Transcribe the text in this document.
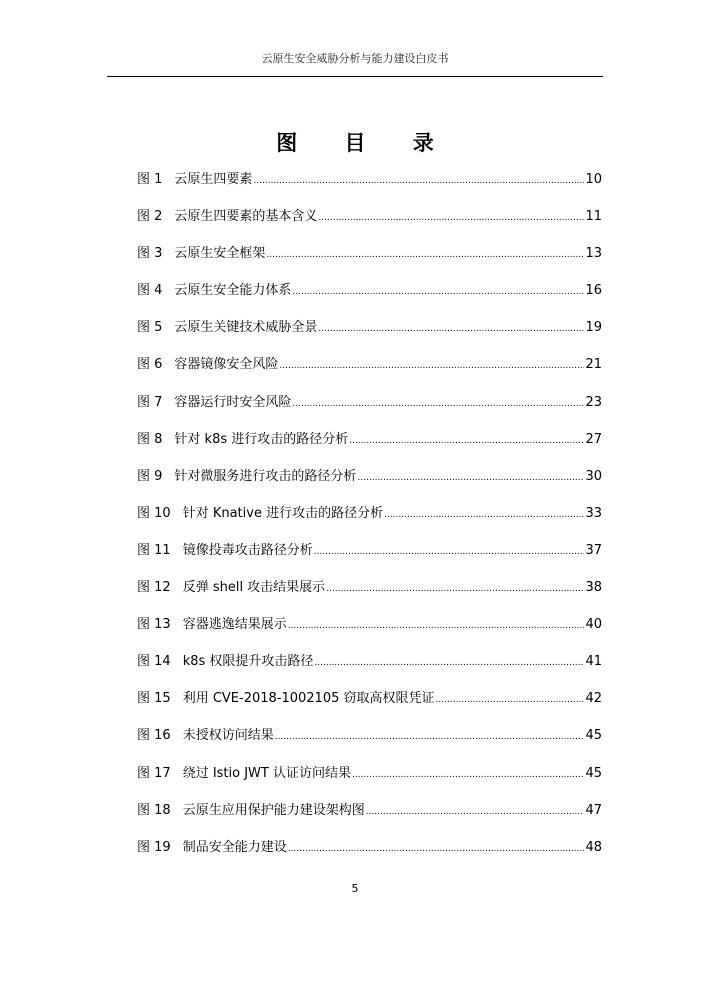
云原生安全威胁分析与能力建设白皮书
图 目 录
图 1 云原生四要素 .....	10
图 2 云原生四要素的基本含义 .....	11
图 3 云原生安全框架 .....	13
图 4 云原生安全能力体系 .....	16
图 5 云原生关键技术威胁全景 .....	19
图 6 容器镜像安全风险 .....	21
图 7 容器运行时安全风险 .....	23
图 8 针对 k8s 进行攻击的路径分析 .....	27
图 9 针对微服务进行攻击的路径分析 .....	30
图 10 针对 Knative 进行攻击的路径分析 .....	33
图 11 镜像投毒攻击路径分析 .....	37
图 12 反弹 shell 攻击结果展示 .....	38
图 13 容器逃逸结果展示 .....	40
图 14 k8s 权限提升攻击路径 .....	41
图 15 利用 CVE-2018-1002105 窃取高权限凭证 .....	42
图 16 未授权访问结果 .....	45
图 17 绕过 Istio JWT 认证访问结果 .....	45
图 18 云原生应用保护能力建设架构图 .....	47
图 19 制品安全能力建设 .....	48
5
